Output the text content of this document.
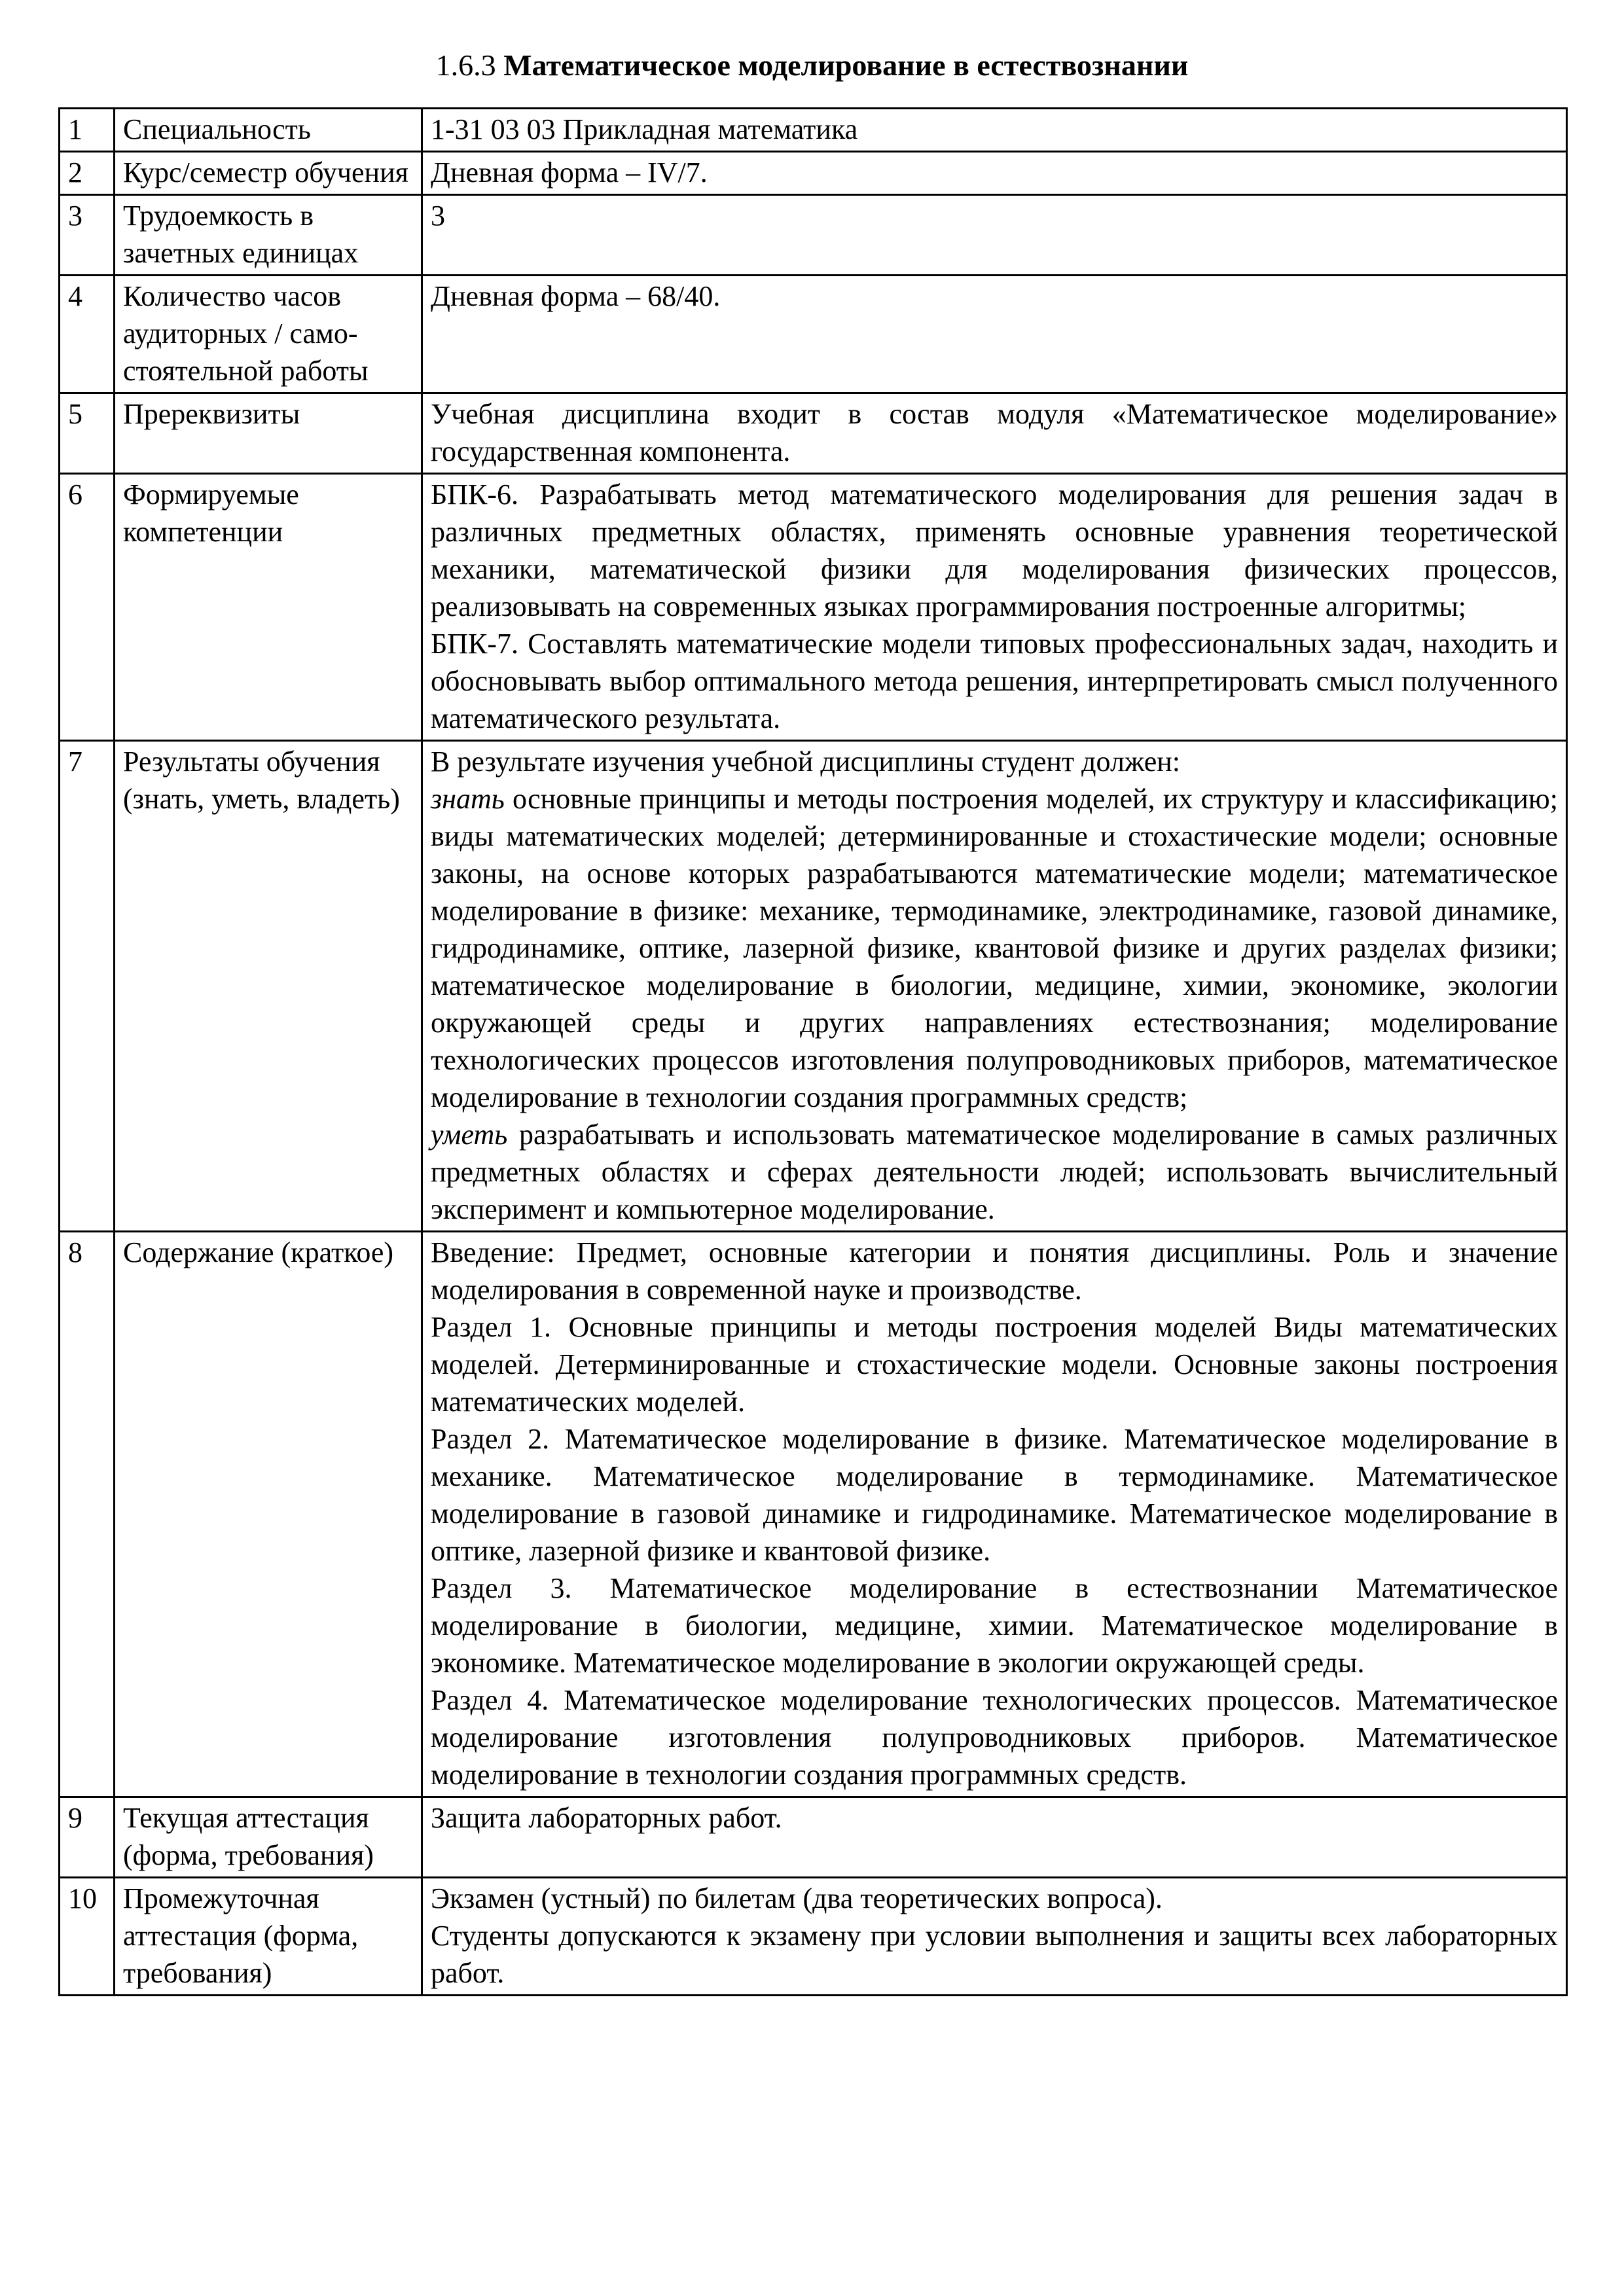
1.6.3 Математическое моделирование в естествознании
1	Специальность	1-31 03 03 Прикладная математика
2	Курс/семестр обучения	Дневная форма – IV/7.
3	Трудоемкость в зачетных единицах	3
4	Количество часов аудиторных / само-стоятельной работы	Дневная форма – 68/40.
5	Пререквизиты	Учебная дисциплина входит в состав модуля «Математическое моделирование» государственная компонента.
6	Формируемые компетенции	БПК-6. Разрабатывать метод математического моделирования для решения задач в различных предметных областях, применять основные уравнения теоретической механики, математической физики для моделирования физических процессов, реализовывать на современных языках программирования построенные алгоритмы;
БПК-7. Составлять математические модели типовых профессиональных задач, находить и обосновывать выбор оптимального метода решения, интерпретировать смысл полученного математического результата.

7	Результаты обучения (знать, уметь, владеть)	В результате изучения учебной дисциплины студент должен:
знать основные принципы и методы построения моделей, их структуру и классификацию; виды математических моделей; детерминированные и стохастические модели; основные законы, на основе которых разрабатываются математические модели; математическое моделирование в физике: механике, термодинамике, электродинамике, газовой динамике, гидродинамике, оптике, лазерной физике, квантовой физике и других разделах физики; математическое моделирование в биологии, медицине, химии, экономике, экологии окружающей среды и других направлениях естествознания; моделирование технологических процессов изготовления полупроводниковых приборов, математическое моделирование в технологии создания программных средств;
уметь разрабатывать и использовать математическое моделирование в самых различных предметных областях и сферах деятельности людей; использовать вычислительный эксперимент и компьютерное моделирование.

8	Содержание (краткое)	Введение: Предмет, основные категории и понятия дисциплины. Роль и значение моделирования в современной науке и производстве.
Раздел 1. Основные принципы и методы построения моделей Виды математических моделей. Детерминированные и стохастические модели. Основные законы построения математических моделей.
Раздел 2. Математическое моделирование в физике. Математическое моделирование в механике. Математическое моделирование в термодинамике. Математическое моделирование в газовой динамике и гидродинамике. Математическое моделирование в оптике, лазерной физике и квантовой физике.
Раздел 3. Математическое моделирование в естествознании Математическое моделирование в биологии, медицине, химии. Математическое моделирование в экономике. Математическое моделирование в экологии окружающей среды.
Раздел 4. Математическое моделирование технологических процессов. Математическое моделирование изготовления полупроводниковых приборов. Математическое моделирование в технологии создания программных средств.

9	Текущая аттестация (форма, требования)	Защита лабораторных работ.
10	Промежуточная аттестация (форма, требования)	Экзамен (устный) по билетам (два теоретических вопроса).
Студенты допускаются к экзамену при условии выполнения и защиты всех лабораторных работ.
